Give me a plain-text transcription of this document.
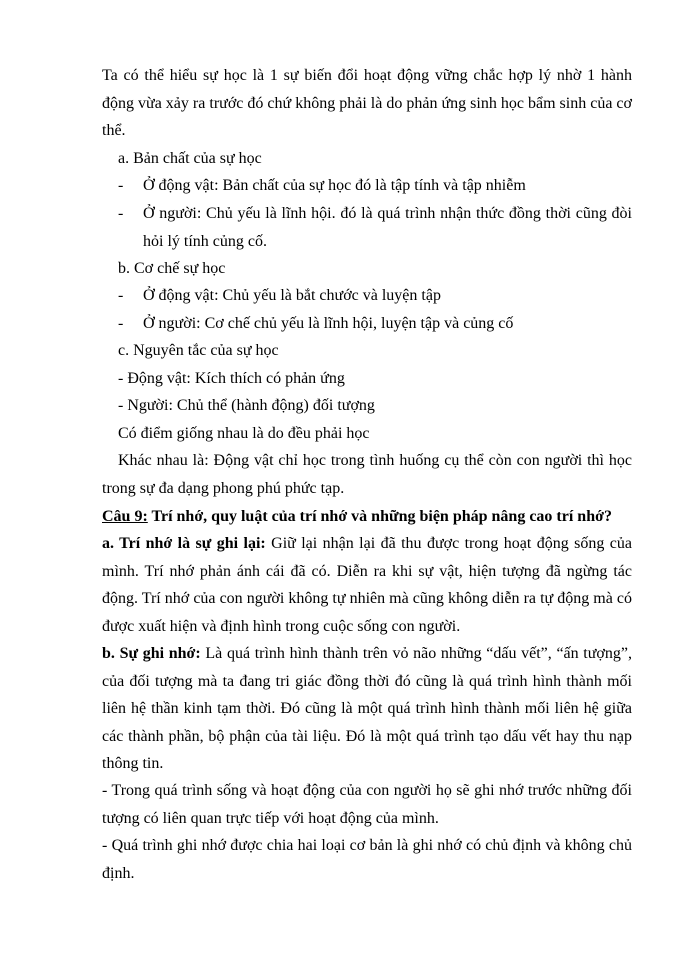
Ta có thể hiểu sự học là 1 sự biến đổi hoạt động vững chắc hợp lý nhờ 1 hành động vừa xảy ra trước đó chứ không phải là do phản ứng sinh học bẩm sinh của cơ thể.

a. Bản chất của sự học
- Ở động vật: Bản chất của sự học đó là tập tính và tập nhiễm

- Ở người: Chủ yếu là lĩnh hội. đó là quá trình nhận thức đồng thời cũng đòi hỏi lý tính củng cố.

b. Cơ chế sự học
- Ở động vật: Chủ yếu là bắt chước và luyện tập

- Ở người: Cơ chế chủ yếu là lĩnh hội, luyện tập và củng cố

c. Nguyên tắc của sự học
- Động vật: Kích thích có phản ứng
- Người: Chủ thể (hành động) đối tượng
Có điểm giống nhau là do đều phải học

Khác nhau là: Động vật chỉ học trong tình huống cụ thể còn con người thì học trong sự đa dạng phong phú phức tạp.

Câu 9: Trí nhớ, quy luật của trí nhớ và những biện pháp nâng cao trí nhớ?

a. Trí nhớ là sự ghi lại: Giữ lại nhận lại đã thu được trong hoạt động sống của mình. Trí nhớ phản ánh cái đã có. Diễn ra khi sự vật, hiện tượng đã ngừng tác động. Trí nhớ của con người không tự nhiên mà cũng không diễn ra tự động mà có được xuất hiện và định hình trong cuộc sống con người.

b. Sự ghi nhớ: Là quá trình hình thành trên vỏ não những “dấu vết”, “ấn tượng”, của đối tượng mà ta đang tri giác đồng thời đó cũng là quá trình hình thành mối liên hệ thần kinh tạm thời. Đó cũng là một quá trình hình thành mối liên hệ giữa các thành phần, bộ phận của tài liệu. Đó là một quá trình tạo dấu vết hay thu nạp thông tin.

- Trong quá trình sống và hoạt động của con người họ sẽ ghi nhớ trước những đối tượng có liên quan trực tiếp với hoạt động của mình.

- Quá trình ghi nhớ được chia hai loại cơ bản là ghi nhớ có chủ định và không chủ định.
